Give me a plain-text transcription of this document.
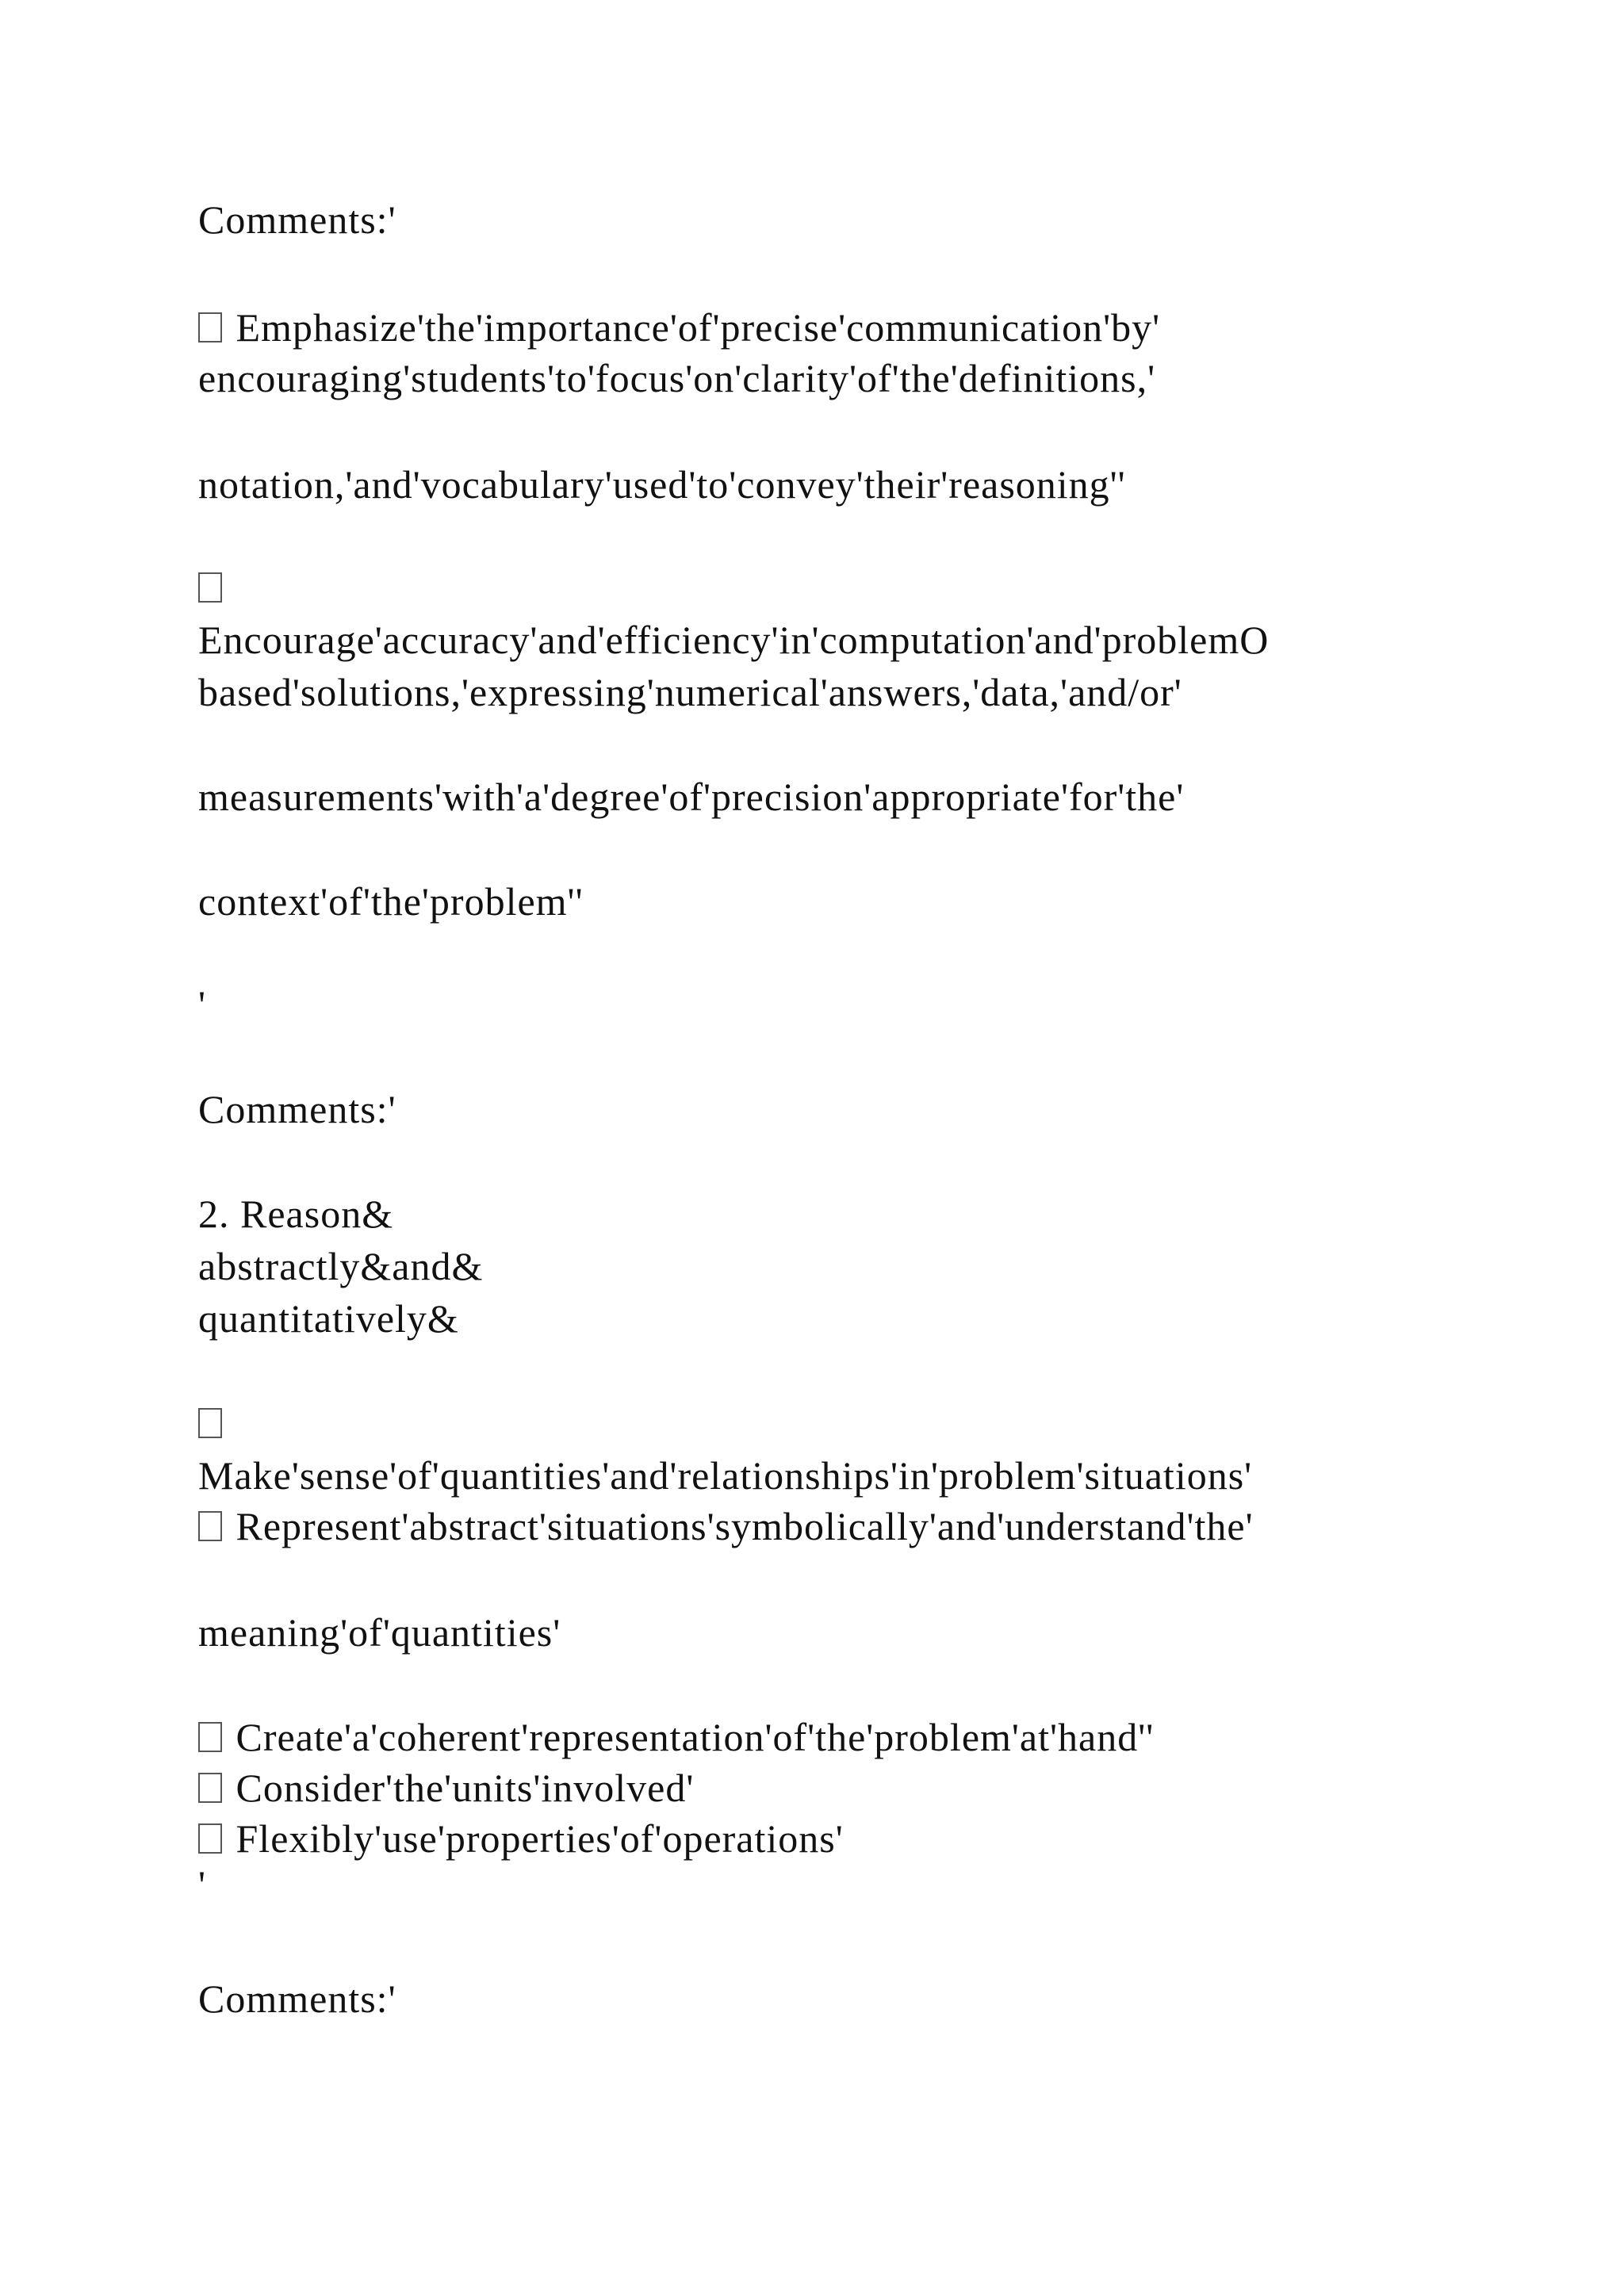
Comments:'
Emphasize'the'importance'of'precise'communication'by'
encouraging'students'to'focus'on'clarity'of'the'definitions,'
notation,'and'vocabulary'used'to'convey'their'reasoning''
Encourage'accuracy'and'efficiency'in'computation'and'problemO
based'solutions,'expressing'numerical'answers,'data,'and/or'
measurements'with'a'degree'of'precision'appropriate'for'the'
context'of'the'problem''
'
Comments:'
2. Reason&
abstractly&and&
quantitatively&
Make'sense'of'quantities'and'relationships'in'problem'situations'
Represent'abstract'situations'symbolically'and'understand'the'
meaning'of'quantities'
Create'a'coherent'representation'of'the'problem'at'hand''
Consider'the'units'involved'
Flexibly'use'properties'of'operations'
'
Comments:'
